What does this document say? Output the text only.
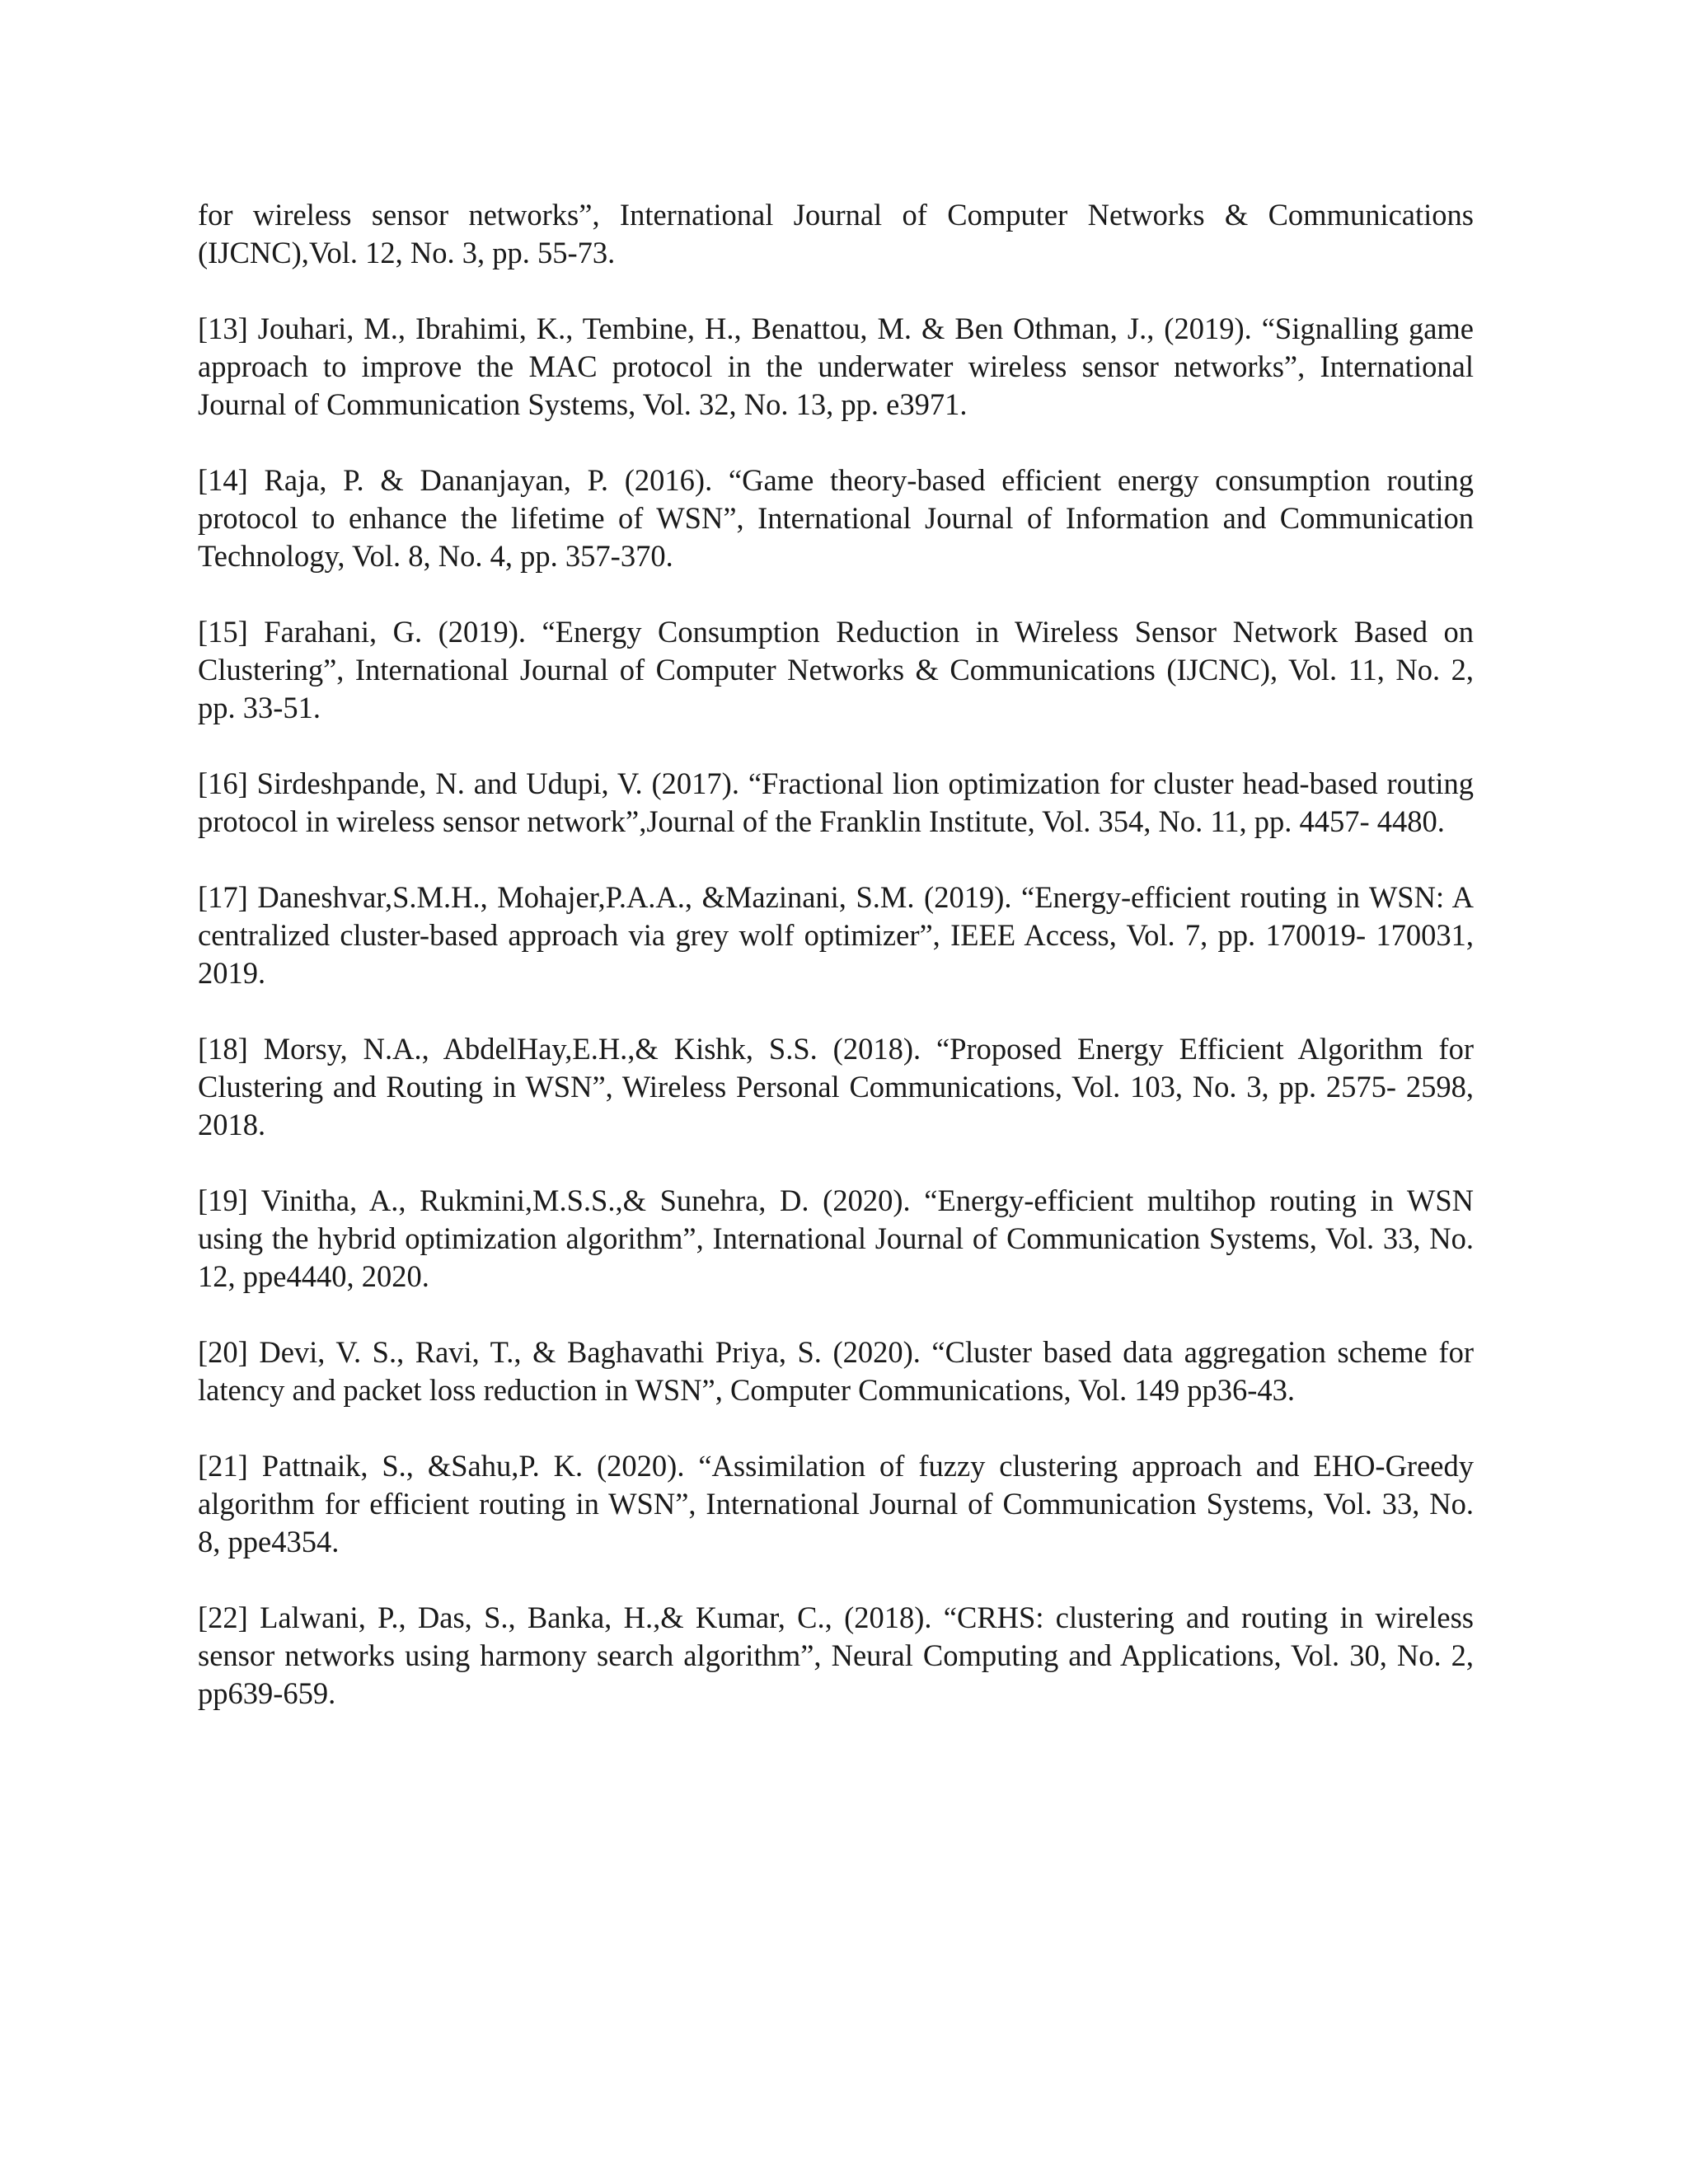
for wireless sensor networks”, International Journal of Computer Networks & Communications (IJCNC),Vol. 12, No. 3, pp. 55-73.

[13] Jouhari, M., Ibrahimi, K., Tembine, H., Benattou, M. & Ben Othman, J., (2019). “Signalling game approach to improve the MAC protocol in the underwater wireless sensor networks”, International Journal of Communication Systems, Vol. 32, No. 13, pp. e3971.

[14] Raja, P. & Dananjayan, P. (2016). “Game theory-based efficient energy consumption routing protocol to enhance the lifetime of WSN”, International Journal of Information and Communication Technology, Vol. 8, No. 4, pp. 357-370.

[15] Farahani, G. (2019). “Energy Consumption Reduction in Wireless Sensor Network Based on Clustering”, International Journal of Computer Networks & Communications (IJCNC), Vol. 11, No. 2, pp. 33-51.

[16] Sirdeshpande, N. and Udupi, V. (2017). “Fractional lion optimization for cluster head-based routing protocol in wireless sensor network”,Journal of the Franklin Institute, Vol. 354, No. 11, pp. 4457- 4480.

[17] Daneshvar,S.M.H., Mohajer,P.A.A., &Mazinani, S.M. (2019). “Energy-efficient routing in WSN: A centralized cluster-based approach via grey wolf optimizer”, IEEE Access, Vol. 7, pp. 170019- 170031, 2019.

[18] Morsy, N.A., AbdelHay,E.H.,& Kishk, S.S. (2018). “Proposed Energy Efficient Algorithm for Clustering and Routing in WSN”, Wireless Personal Communications, Vol. 103, No. 3, pp. 2575- 2598, 2018.

[19] Vinitha, A., Rukmini,M.S.S.,& Sunehra, D. (2020). “Energy-efficient multihop routing in WSN using the hybrid optimization algorithm”, International Journal of Communication Systems, Vol. 33, No. 12, ppe4440, 2020.

[20] Devi, V. S., Ravi, T., & Baghavathi Priya, S. (2020). “Cluster based data aggregation scheme for latency and packet loss reduction in WSN”, Computer Communications, Vol. 149 pp36-43.

[21] Pattnaik, S., &Sahu,P. K. (2020). “Assimilation of fuzzy clustering approach and EHO-Greedy algorithm for efficient routing in WSN”, International Journal of Communication Systems, Vol. 33, No. 8, ppe4354.

[22] Lalwani, P., Das, S., Banka, H.,& Kumar, C., (2018). “CRHS: clustering and routing in wireless sensor networks using harmony search algorithm”, Neural Computing and Applications, Vol. 30, No. 2, pp639-659.
